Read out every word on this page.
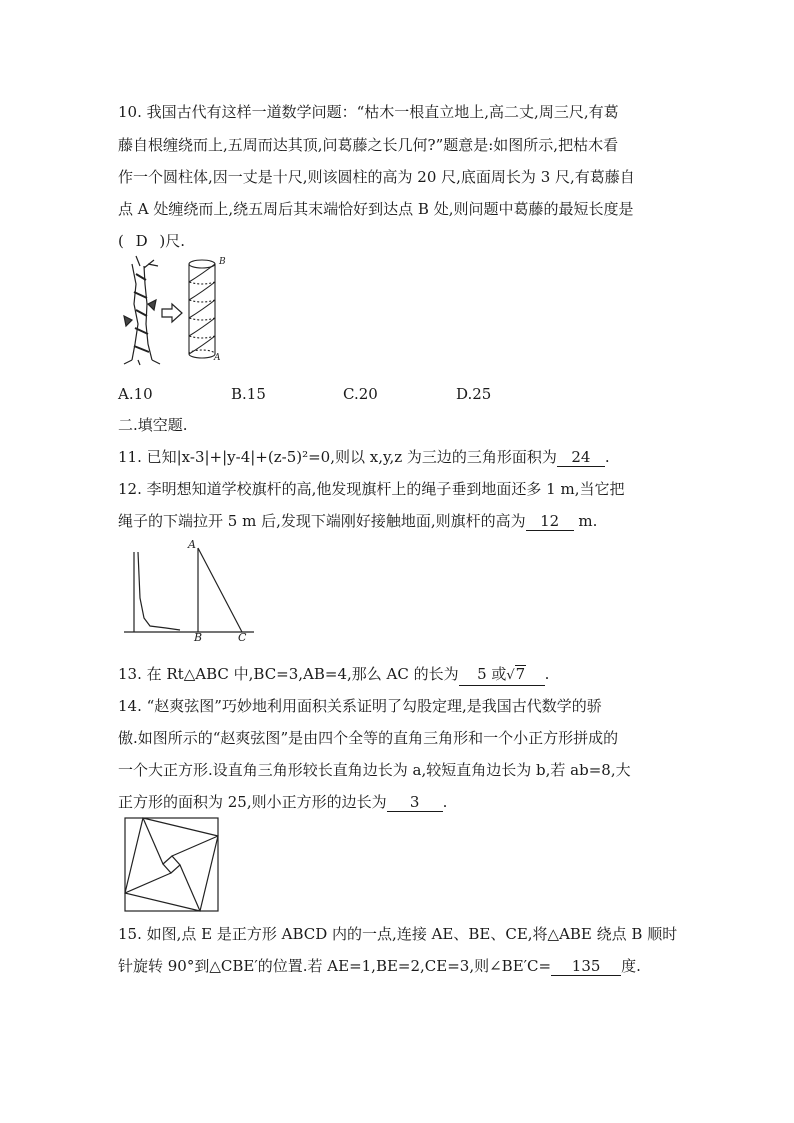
10. 我国古代有这样一道数学问题：“枯木一根直立地上,高二丈,周三尺,有葛
藤自根缠绕而上,五周而达其顶,问葛藤之长几何?”题意是:如图所示,把枯木看
作一个圆柱体,因一丈是十尺,则该圆柱的高为 20 尺,底面周长为 3 尺,有葛藤自
点 A 处缠绕而上,绕五周后其末端恰好到达点 B 处,则问题中葛藤的最短长度是
( D )尺.
B
A
A.10	B.15	C.20	D.25
二.填空题.
11. 已知|x-3|+|y-4|+(z-5)²=0,则以 x,y,z 为三边的三角形面积为 24 .
12. 李明想知道学校旗杆的高,他发现旗杆上的绳子垂到地面还多 1 m,当它把
绳子的下端拉开 5 m 后,发现下端刚好接触地面,则旗杆的高为 12 m.
A
B	C
13. 在 Rt△ABC 中,BC=3,AB=4,那么 AC 的长为 5 或√7 .
14. “赵爽弦图”巧妙地利用面积关系证明了勾股定理,是我国古代数学的骄
傲.如图所示的“赵爽弦图”是由四个全等的直角三角形和一个小正方形拼成的
一个大正方形.设直角三角形较长直角边长为 a,较短直角边长为 b,若 ab=8,大
正方形的面积为 25,则小正方形的边长为 3 .
15. 如图,点 E 是正方形 ABCD 内的一点,连接 AE、BE、CE,将△ABE 绕点 B 顺时
针旋转 90°到△CBE′的位置.若 AE=1,BE=2,CE=3,则∠BE′C= 135 度.
